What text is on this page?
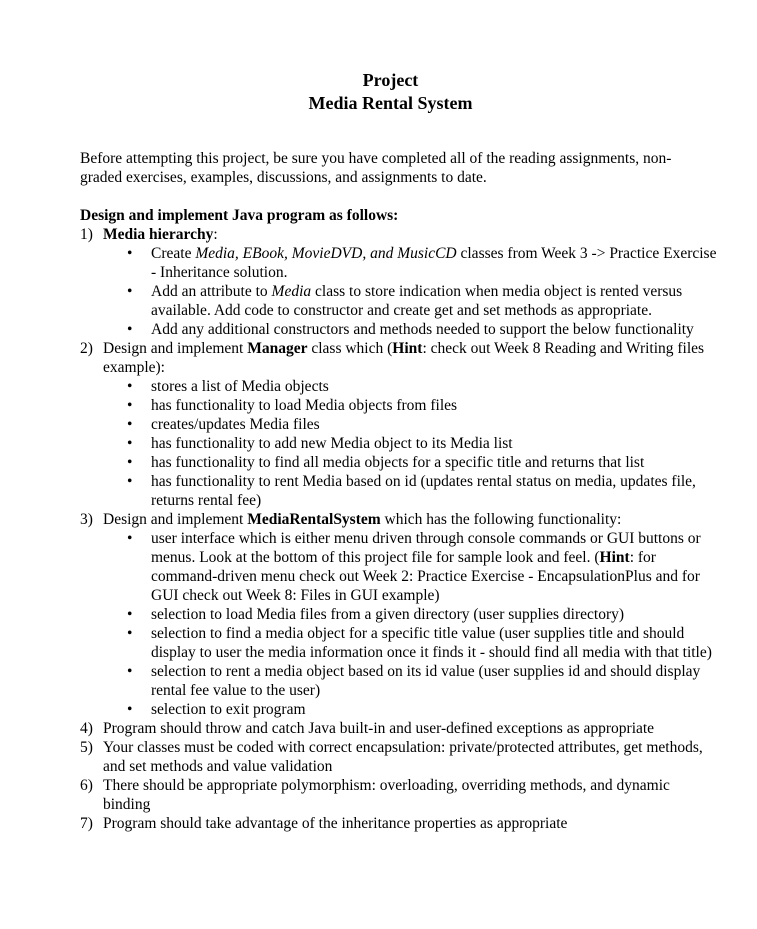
Project
Media Rental System
Before attempting this project, be sure you have completed all of the reading assignments, non-graded exercises, examples, discussions, and assignments to date.
Design and implement Java program as follows:
1) Media hierarchy:
• Create Media, EBook, MovieDVD, and MusicCD classes from Week 3 -> Practice Exercise - Inheritance solution.
• Add an attribute to Media class to store indication when media object is rented versus available. Add code to constructor and create get and set methods as appropriate.
• Add any additional constructors and methods needed to support the below functionality
2) Design and implement Manager class which (Hint: check out Week 8 Reading and Writing files example):
• stores a list of Media objects
• has functionality to load Media objects from files
• creates/updates Media files
• has functionality to add new Media object to its Media list
• has functionality to find all media objects for a specific title and returns that list
• has functionality to rent Media based on id (updates rental status on media, updates file, returns rental fee)
3) Design and implement MediaRentalSystem which has the following functionality:
• user interface which is either menu driven through console commands or GUI buttons or menus. Look at the bottom of this project file for sample look and feel. (Hint: for command-driven menu check out Week 2: Practice Exercise - EncapsulationPlus and for GUI check out Week 8: Files in GUI example)
• selection to load Media files from a given directory (user supplies directory)
• selection to find a media object for a specific title value (user supplies title and should display to user the media information once it finds it - should find all media with that title)
• selection to rent a media object based on its id value (user supplies id and should display rental fee value to the user)
• selection to exit program
4) Program should throw and catch Java built-in and user-defined exceptions as appropriate
5) Your classes must be coded with correct encapsulation: private/protected attributes, get methods, and set methods and value validation
6) There should be appropriate polymorphism: overloading, overriding methods, and dynamic binding
7) Program should take advantage of the inheritance properties as appropriate
